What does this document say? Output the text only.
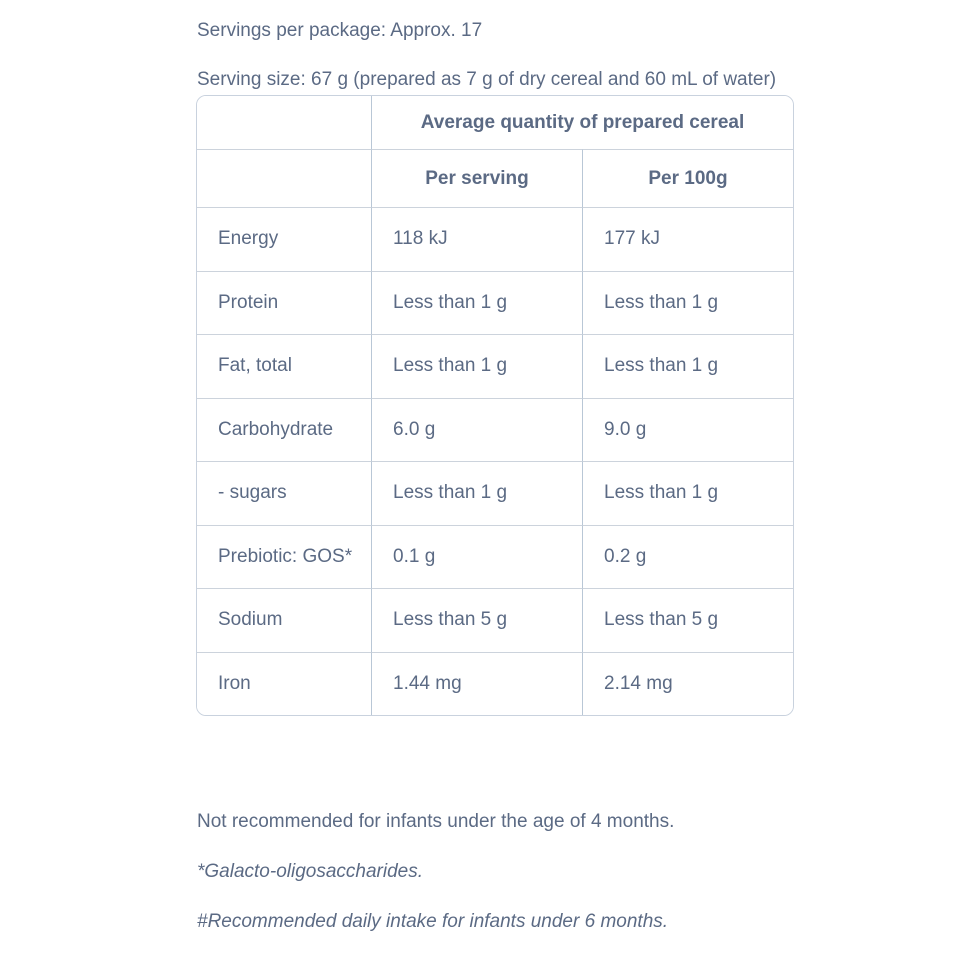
Servings per package: Approx. 17

Serving size: 67 g (prepared as 7 g of dry cereal and 60 mL of water)

	Average quantity of prepared cereal	
	Per serving	Per 100g
Energy	118 kJ	177 kJ
Protein	Less than 1 g	Less than 1 g
Fat, total	Less than 1 g	Less than 1 g
Carbohydrate	6.0 g	9.0 g
- sugars	Less than 1 g	Less than 1 g
Prebiotic: GOS*	0.1 g	0.2 g
Sodium	Less than 5 g	Less than 5 g
Iron	1.44 mg	2.14 mg

Not recommended for infants under the age of 4 months.

*Galacto-oligosaccharides.

#Recommended daily intake for infants under 6 months.
